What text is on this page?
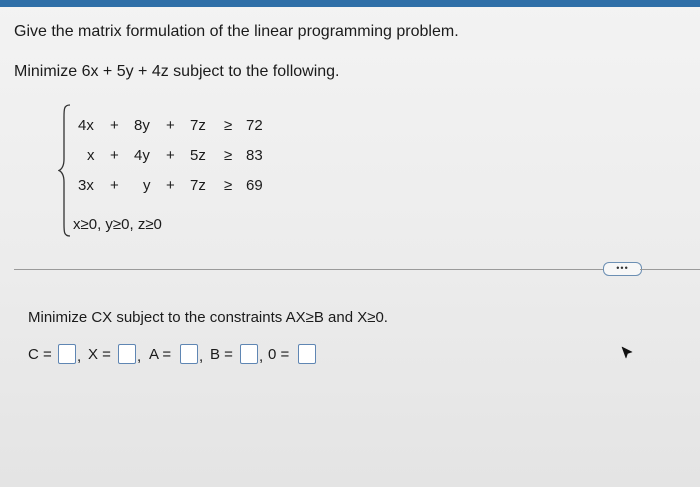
Give the matrix formulation of the linear programming problem.
Minimize 6x + 5y + 4z subject to the following.
4x + 8y + 7z ≥ 72
x + 4y + 5z ≥ 83
3x + y + 7z ≥ 69
x≥0, y≥0, z≥0
•••
Minimize CX subject to the constraints AX≥B and X≥0.
C = , X = , A = , B = , 0 =
